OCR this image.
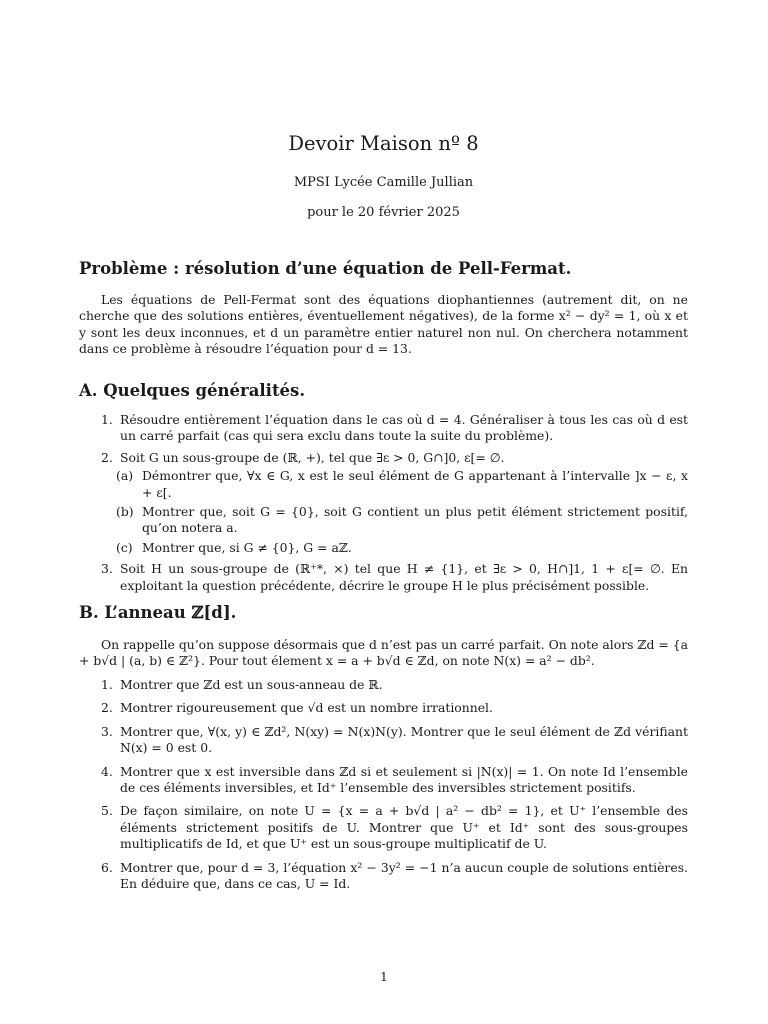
Devoir Maison nº 8
MPSI Lycée Camille Jullian
pour le 20 février 2025
Problème : résolution d’une équation de Pell-Fermat.
Les équations de Pell-Fermat sont des équations diophantiennes (autrement dit, on ne cherche que des solutions entières, éventuellement négatives), de la forme x² − dy² = 1, où x et y sont les deux inconnues, et d un paramètre entier naturel non nul. On cherchera notamment dans ce problème à résoudre l’équation pour d = 13.
A. Quelques généralités.
1. Résoudre entièrement l’équation dans le cas où d = 4. Généraliser à tous les cas où d est un carré parfait (cas qui sera exclu dans toute la suite du problème).
2. Soit G un sous-groupe de (ℝ, +), tel que ∃ε > 0, G∩]0, ε[= ∅.
(a) Démontrer que, ∀x ∈ G, x est le seul élément de G appartenant à l’intervalle ]x − ε, x + ε[.
(b) Montrer que, soit G = {0}, soit G contient un plus petit élément strictement positif, qu’on notera a.
(c) Montrer que, si G ≠ {0}, G = aℤ.
3. Soit H un sous-groupe de (ℝ⁺*, ×) tel que H ≠ {1}, et ∃ε > 0, H∩]1, 1 + ε[= ∅. En exploitant la question précédente, décrire le groupe H le plus précisément possible.
B. L’anneau ℤ[d].
On rappelle qu’on suppose désormais que d n’est pas un carré parfait. On note alors ℤd = {a + b√d | (a, b) ∈ ℤ²}. Pour tout élement x = a + b√d ∈ ℤd, on note N(x) = a² − db².
1. Montrer que ℤd est un sous-anneau de ℝ.
2. Montrer rigoureusement que √d est un nombre irrationnel.
3. Montrer que, ∀(x, y) ∈ ℤd², N(xy) = N(x)N(y). Montrer que le seul élément de ℤd vérifiant N(x) = 0 est 0.
4. Montrer que x est inversible dans ℤd si et seulement si |N(x)| = 1. On note Id l’ensemble de ces éléments inversibles, et Id⁺ l’ensemble des inversibles strictement positifs.
5. De façon similaire, on note U = {x = a + b√d | a² − db² = 1}, et U⁺ l’ensemble des éléments strictement positifs de U. Montrer que U⁺ et Id⁺ sont des sous-groupes multiplicatifs de Id, et que U⁺ est un sous-groupe multiplicatif de U.
6. Montrer que, pour d = 3, l’équation x² − 3y² = −1 n’a aucun couple de solutions entières. En déduire que, dans ce cas, U = Id.
1
